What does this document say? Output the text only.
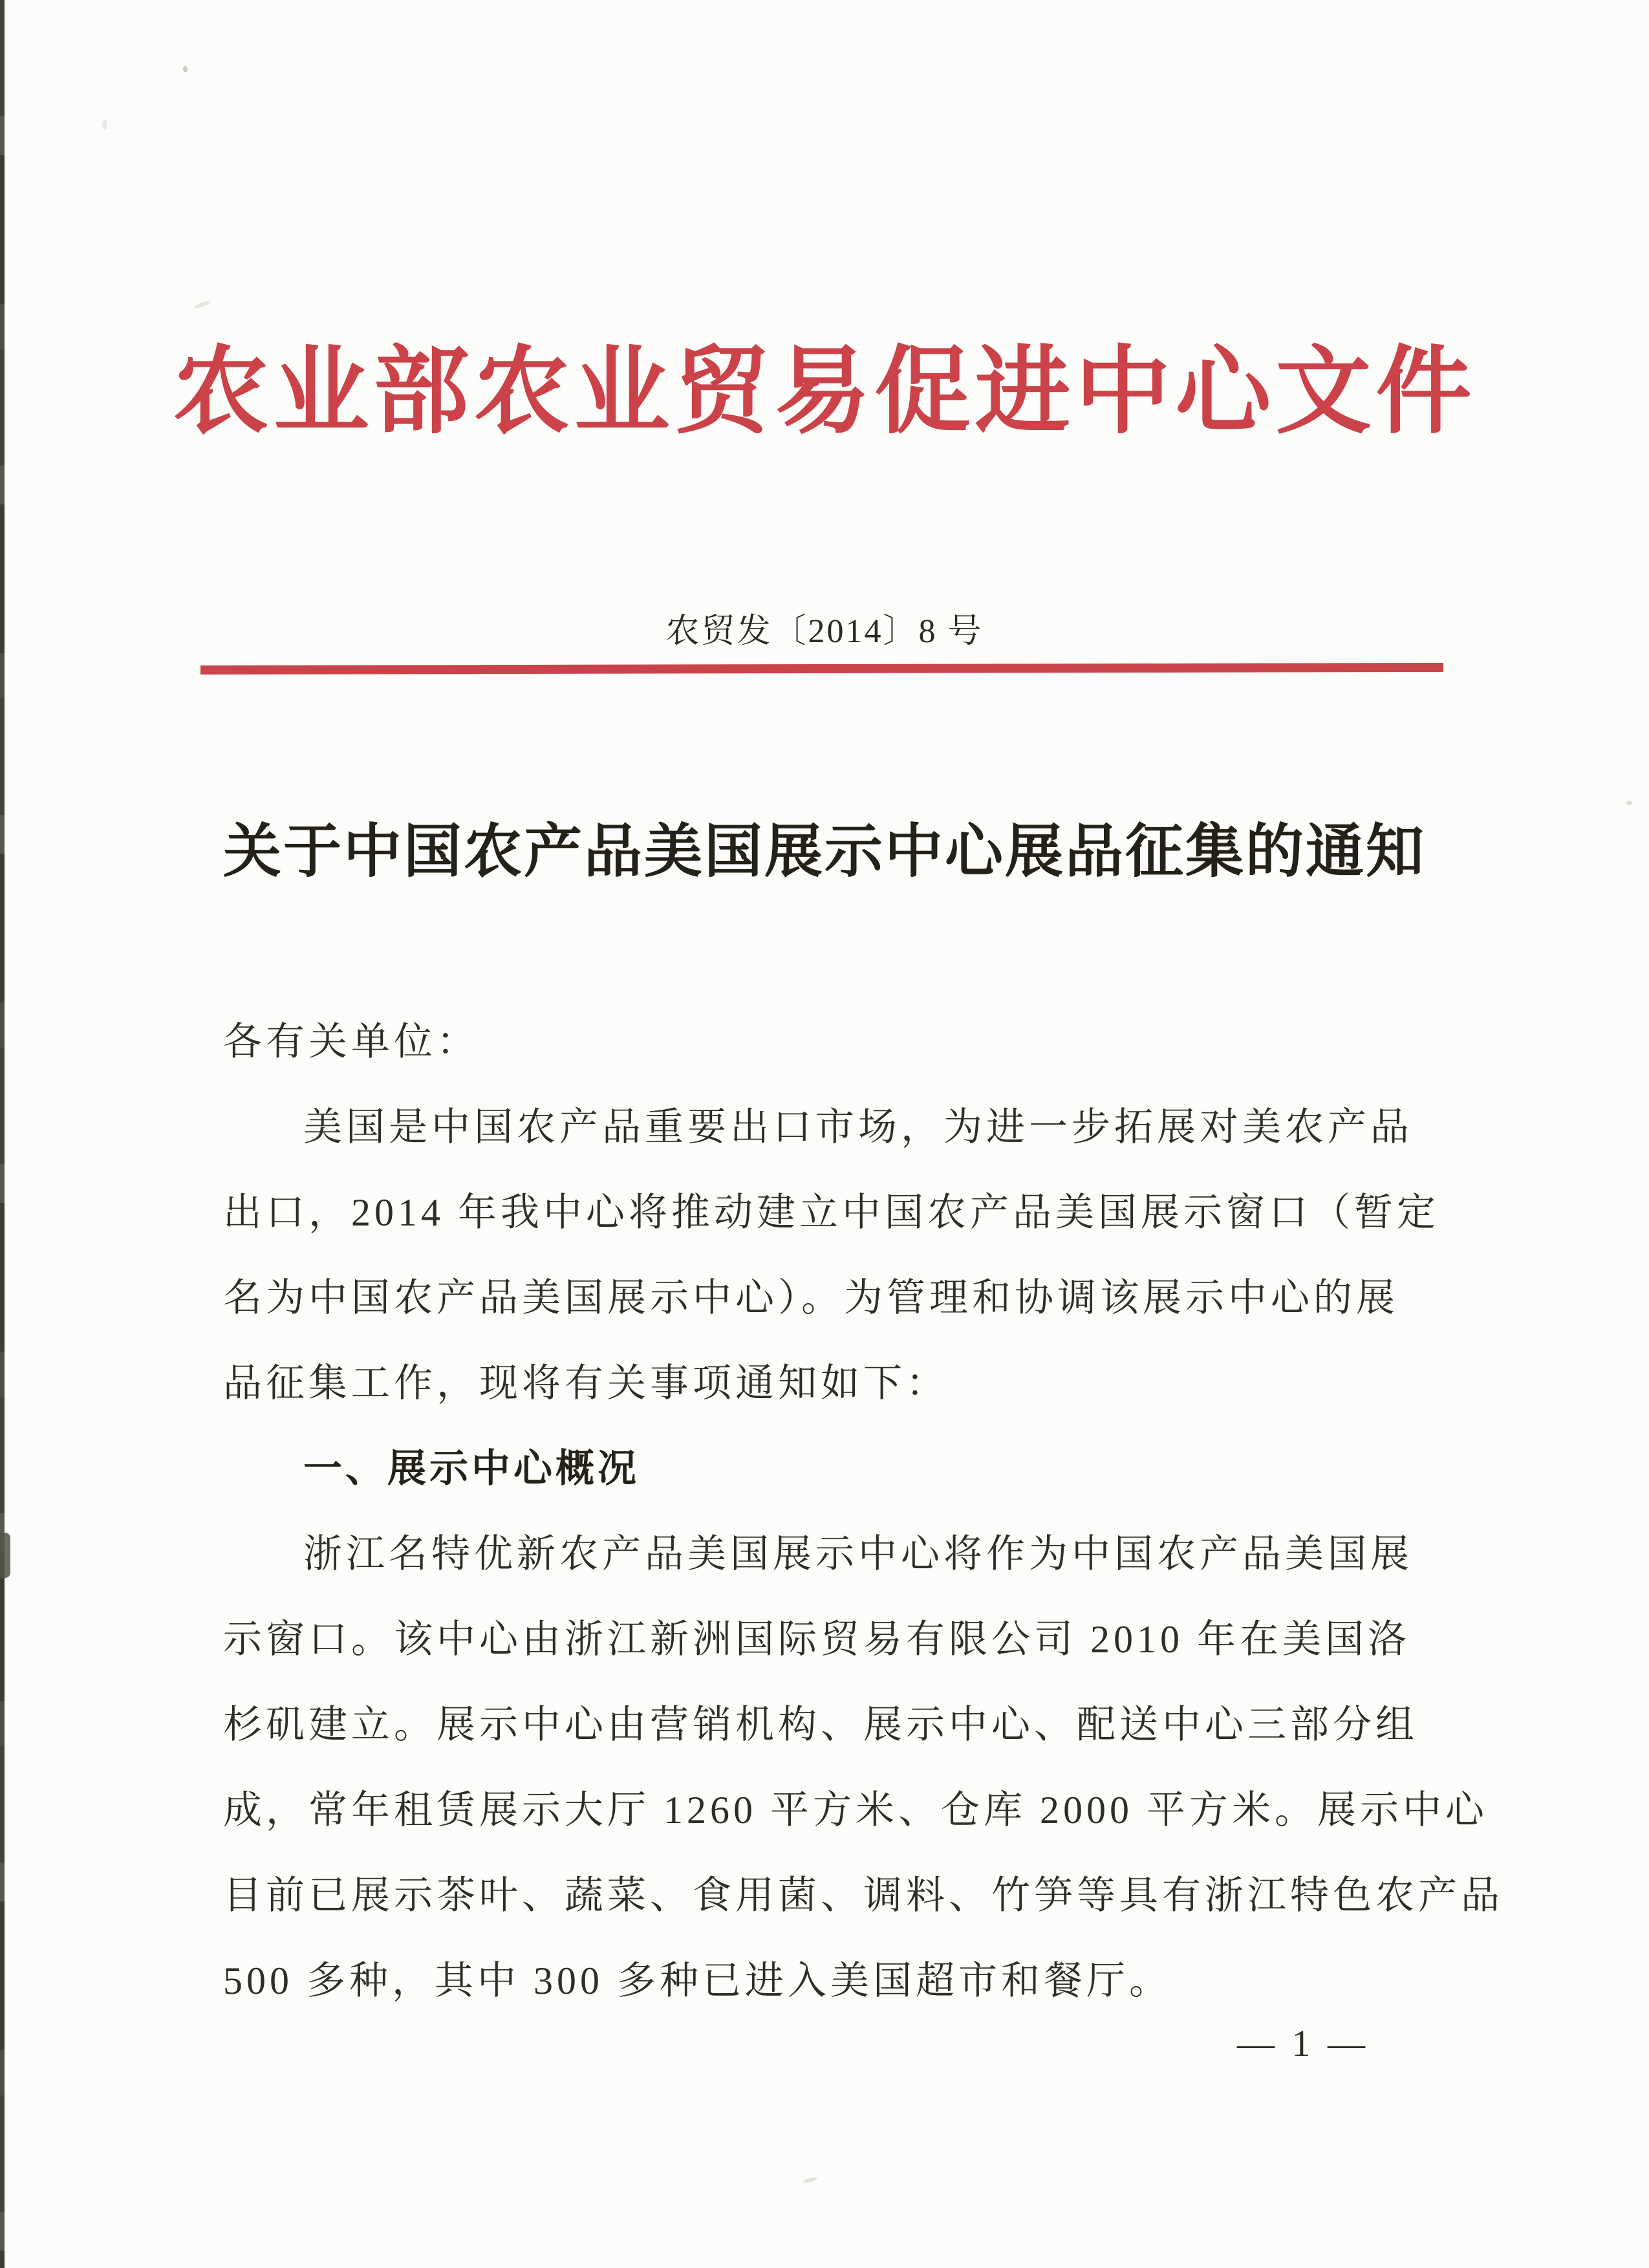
农业部农业贸易促进中心文件
农贸发〔2014〕8 号
关于中国农产品美国展示中心展品征集的通知
各有关单位：
美国是中国农产品重要出口市场，为进一步拓展对美农产品
出口，2014 年我中心将推动建立中国农产品美国展示窗口（暂定
名为中国农产品美国展示中心）。为管理和协调该展示中心的展
品征集工作，现将有关事项通知如下：
一、展示中心概况
浙江名特优新农产品美国展示中心将作为中国农产品美国展
示窗口。该中心由浙江新洲国际贸易有限公司 2010 年在美国洛
杉矶建立。展示中心由营销机构、展示中心、配送中心三部分组
成，常年租赁展示大厅 1260 平方米、仓库 2000 平方米。展示中心
目前已展示茶叶、蔬菜、食用菌、调料、竹笋等具有浙江特色农产品
500 多种，其中 300 多种已进入美国超市和餐厅。
— 1 —
